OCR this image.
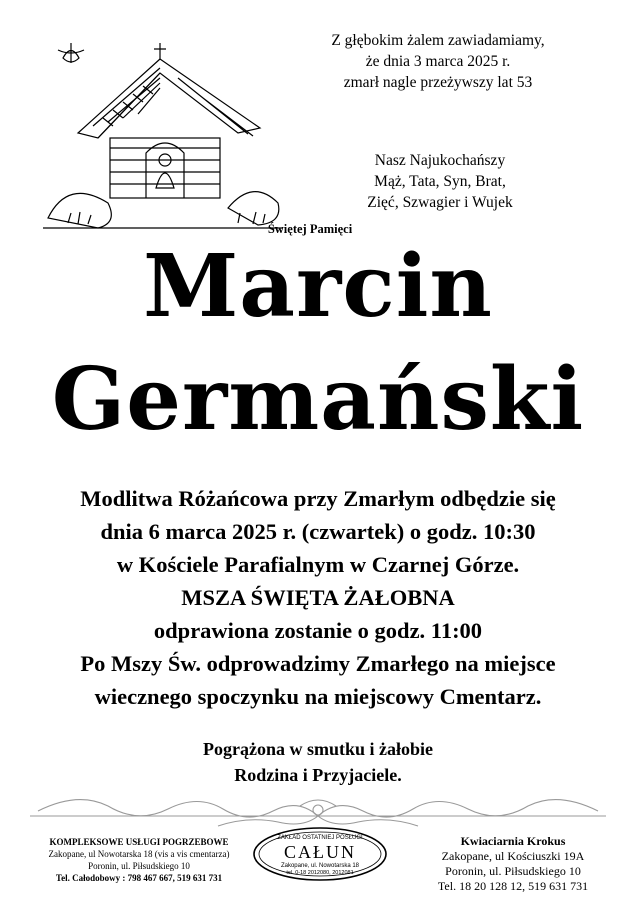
Z głębokim żalem zawiadamiamy,
że dnia 3 marca 2025 r.
zmarł nagle przeżywszy lat 53
Nasz Najukochańszy
Mąż, Tata, Syn, Brat,
Zięć, Szwagier i Wujek
Świętej Pamięci
Marcin
Germański
Modlitwa Różańcowa przy Zmarłym odbędzie się
dnia 6 marca 2025 r. (czwartek) o godz. 10:30
w Kościele Parafialnym w Czarnej Górze.
MSZA ŚWIĘTA ŻAŁOBNA
odprawiona zostanie o godz. 11:00
Po Mszy Św. odprowadzimy Zmarłego na miejsce
wiecznego spoczynku na miejscowy Cmentarz.
Pogrążona w smutku i żałobie
Rodzina i Przyjaciele.
KOMPLEKSOWE USŁUGI POGRZEBOWE
Zakopane, ul Nowotarska 18 (vis a vis cmentarza)
Poronin, ul. Piłsudskiego 10
Tel. Całodobowy : 798 467 667, 519 631 731
ZAKŁAD OSTATNIEJ POSŁUGI
CAŁUN
Zakopane, ul. Nowotarska 18
tel. 0-18 2012080, 2012081
Kwiaciarnia Krokus
Zakopane, ul Kościuszki 19A
Poronin, ul. Piłsudskiego 10
Tel. 18 20 128 12, 519 631 731
